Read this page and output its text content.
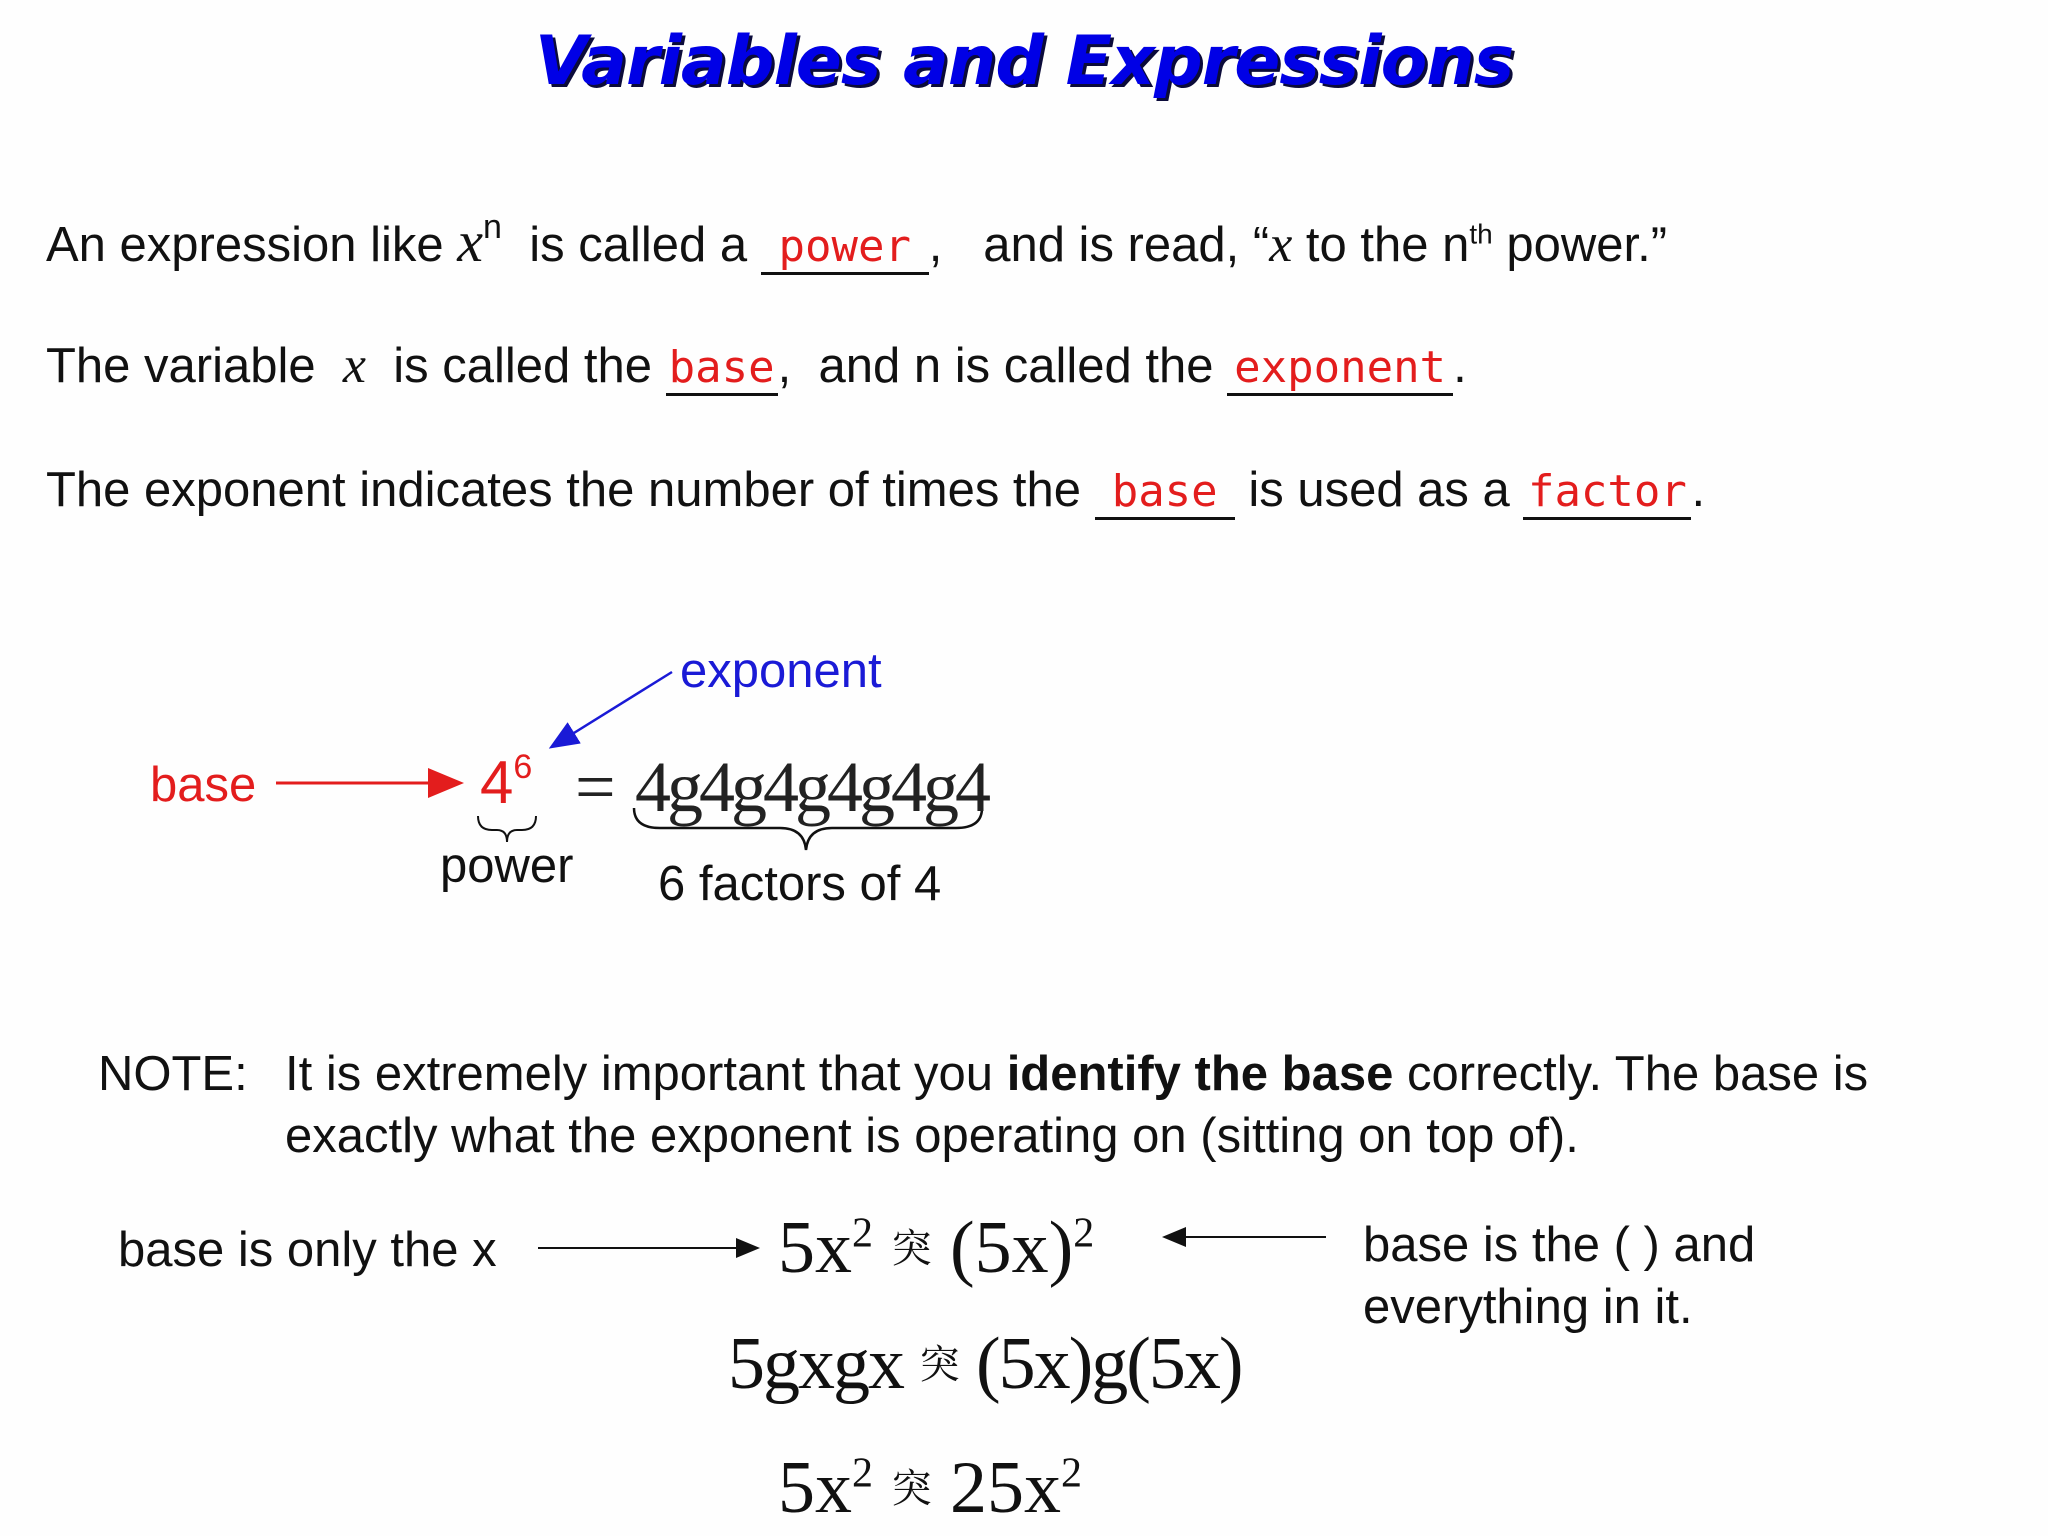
Variables and Expressions
An expression like $x^n$ is called a power , and is read, “x to the $n^{th}$ power.”
The variable x is called the base, and n is called the exponent .
The exponent indicates the number of times the base is used as a factor.
exponent
base	$4^6 = 4g4g4g4g4g4$
power 6 factors of 4
NOTE: It is extremely important that you identify the base correctly. The base is
exactly what the exponent is operating on (sitting on top of).
base is only the x	base is the ( ) and
everything in it.
$5x^2$ 突 $(5x)^2$
5gxgx 突 (5x)g(5x)
$5x^2$ 突 $25x^2$
